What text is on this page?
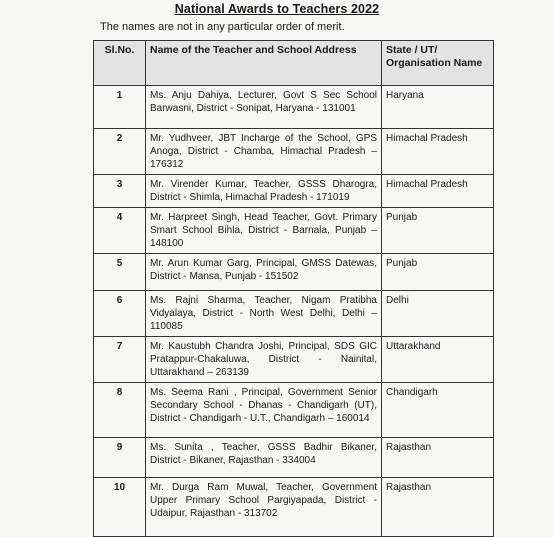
National Awards to Teachers 2022
The names are not in any particular order of merit.
Sl.No.	Name of the Teacher and School Address	State / UT/ Organisation Name
1	Ms. Anju Dahiya, Lecturer, Govt S Sec School Barwasni, District - Sonipat, Haryana - 131001	Haryana
2	Mr. Yudhveer, JBT Incharge of the School, GPS Anoga, District - Chamba, Himachal Pradesh – 176312	Himachal Pradesh
3	Mr. Virender Kumar, Teacher, GSSS Dharogra, District - Shimla, Himachal Pradesh - 171019	Himachal Pradesh
4	Mr. Harpreet Singh, Head Teacher, Govt. Primary Smart School Bihla, District - Barnala, Punjab – 148100	Punjab
5	Mr. Arun Kumar Garg, Principal, GMSS Datewas, District - Mansa, Punjab - 151502	Punjab
6	Ms. Rajni Sharma, Teacher, Nigam Pratibha Vidyalaya, District - North West Delhi, Delhi – 110085	Delhi
7	Mr. Kaustubh Chandra Joshi, Principal, SDS GIC Pratappur-Chakaluwa, District - Nainital, Uttarakhand – 263139	Uttarakhand
8	Ms. Seema Rani , Principal, Government Senior Secondary School - Dhanas - Chandigarh (UT), District - Chandigarh - U.T., Chandigarh – 160014	Chandigarh
9	Ms. Sunita , Teacher, GSSS Badhir Bikaner, District - Bikaner, Rajasthan - 334004	Rajasthan
10	Mr. Durga Ram Muwal, Teacher, Government Upper Primary School Pargiyapada, District - Udaipur, Rajasthan - 313702	Rajasthan
